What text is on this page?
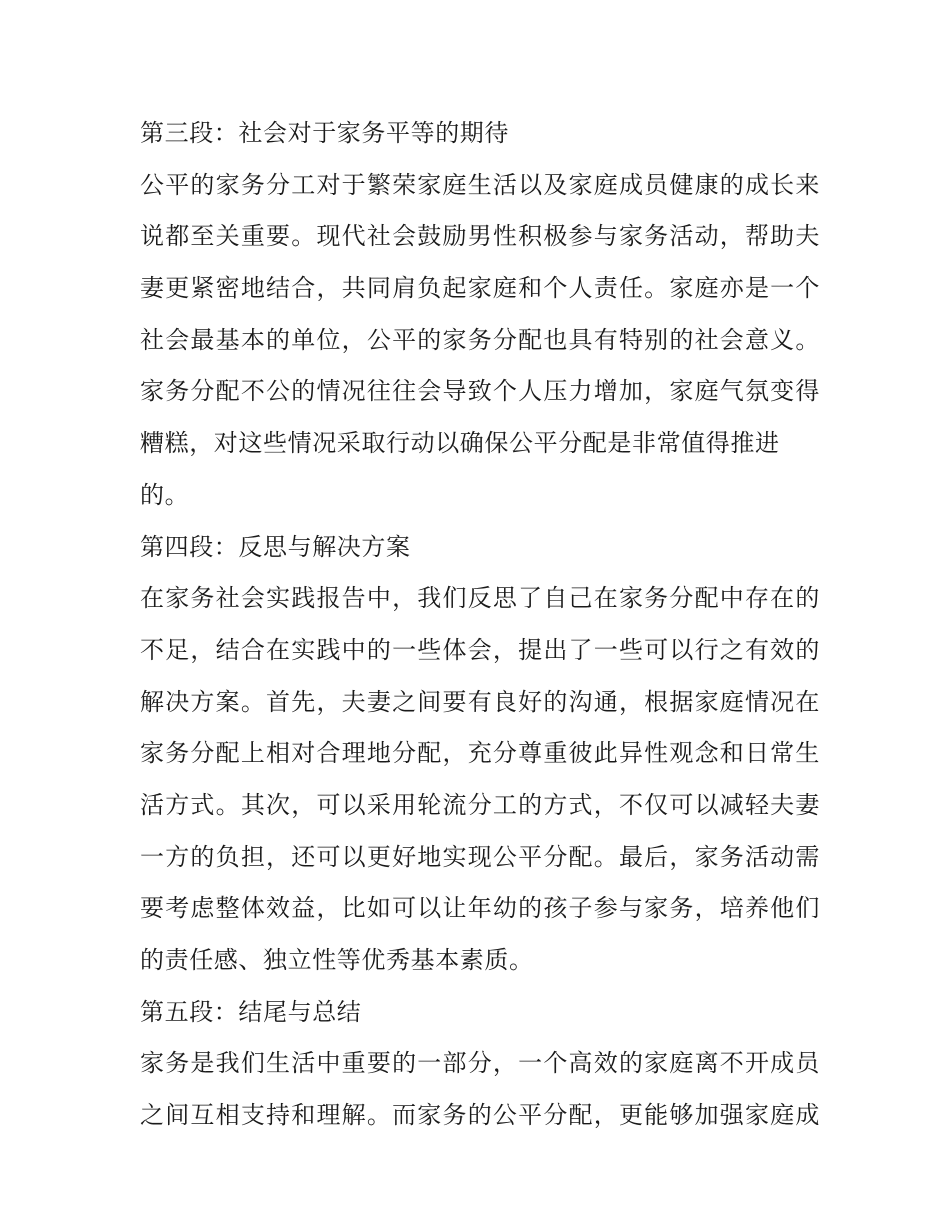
第三段：社会对于家务平等的期待
公平的家务分工对于繁荣家庭生活以及家庭成员健康的成长来
说都至关重要。现代社会鼓励男性积极参与家务活动，帮助夫
妻更紧密地结合，共同肩负起家庭和个人责任。家庭亦是一个
社会最基本的单位，公平的家务分配也具有特别的社会意义。
家务分配不公的情况往往会导致个人压力增加，家庭气氛变得
糟糕，对这些情况采取行动以确保公平分配是非常值得推进
的。
第四段：反思与解决方案
在家务社会实践报告中，我们反思了自己在家务分配中存在的
不足，结合在实践中的一些体会，提出了一些可以行之有效的
解决方案。首先，夫妻之间要有良好的沟通，根据家庭情况在
家务分配上相对合理地分配，充分尊重彼此异性观念和日常生
活方式。其次，可以采用轮流分工的方式，不仅可以减轻夫妻
一方的负担，还可以更好地实现公平分配。最后，家务活动需
要考虑整体效益，比如可以让年幼的孩子参与家务，培养他们
的责任感、独立性等优秀基本素质。
第五段：结尾与总结
家务是我们生活中重要的一部分，一个高效的家庭离不开成员
之间互相支持和理解。而家务的公平分配，更能够加强家庭成
